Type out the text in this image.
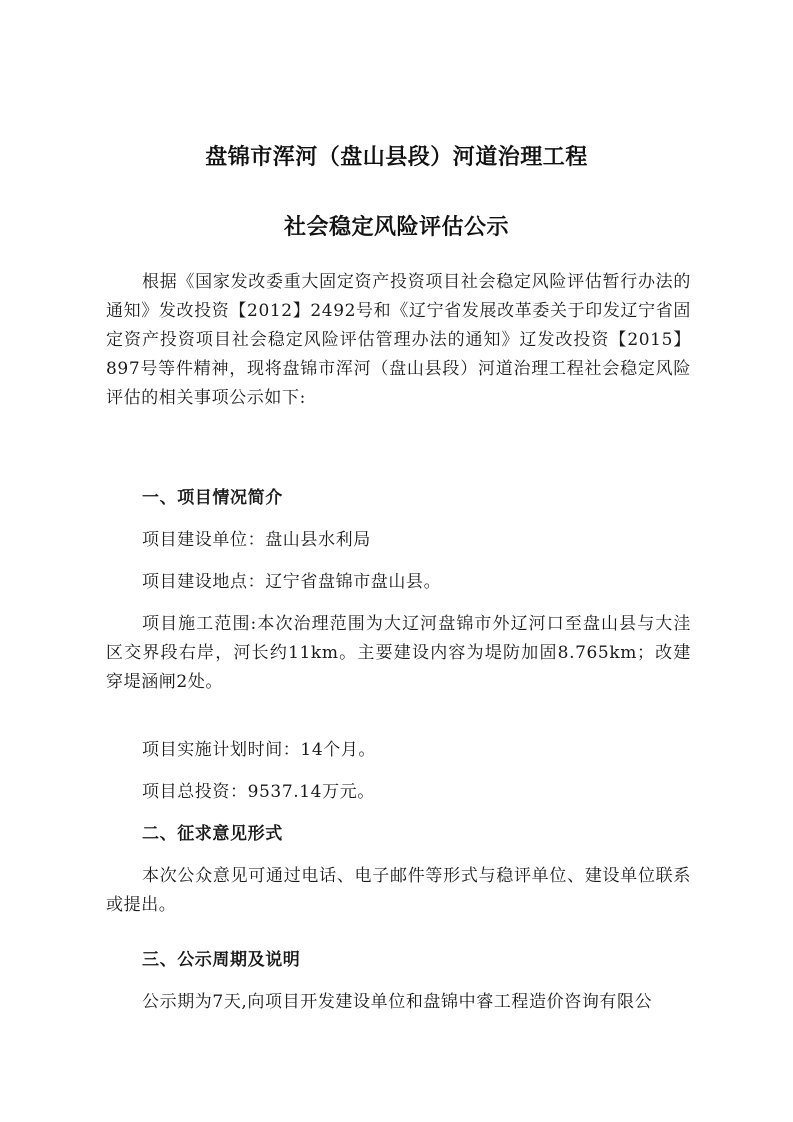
盘锦市浑河（盘山县段）河道治理工程
社会稳定风险评估公示
根据《国家发改委重大固定资产投资项目社会稳定风险评估暂行办法的通知》发改投资【2012】2492号和《辽宁省发展改革委关于印发辽宁省固定资产投资项目社会稳定风险评估管理办法的通知》辽发改投资【2015】897号等件精神，现将盘锦市浑河（盘山县段）河道治理工程社会稳定风险评估的相关事项公示如下:
一、项目情况简介
项目建设单位：盘山县水利局
项目建设地点：辽宁省盘锦市盘山县。
项目施工范围:本次治理范围为大辽河盘锦市外辽河口至盘山县与大洼区交界段右岸，河长约11km。主要建设内容为堤防加固8.765km；改建穿堤涵闸2处。
项目实施计划时间：14个月。
项目总投资：9537.14万元。
二、征求意见形式
本次公众意见可通过电话、电子邮件等形式与稳评单位、建设单位联系或提出。
三、公示周期及说明
公示期为7天,向项目开发建设单位和盘锦中睿工程造价咨询有限公
